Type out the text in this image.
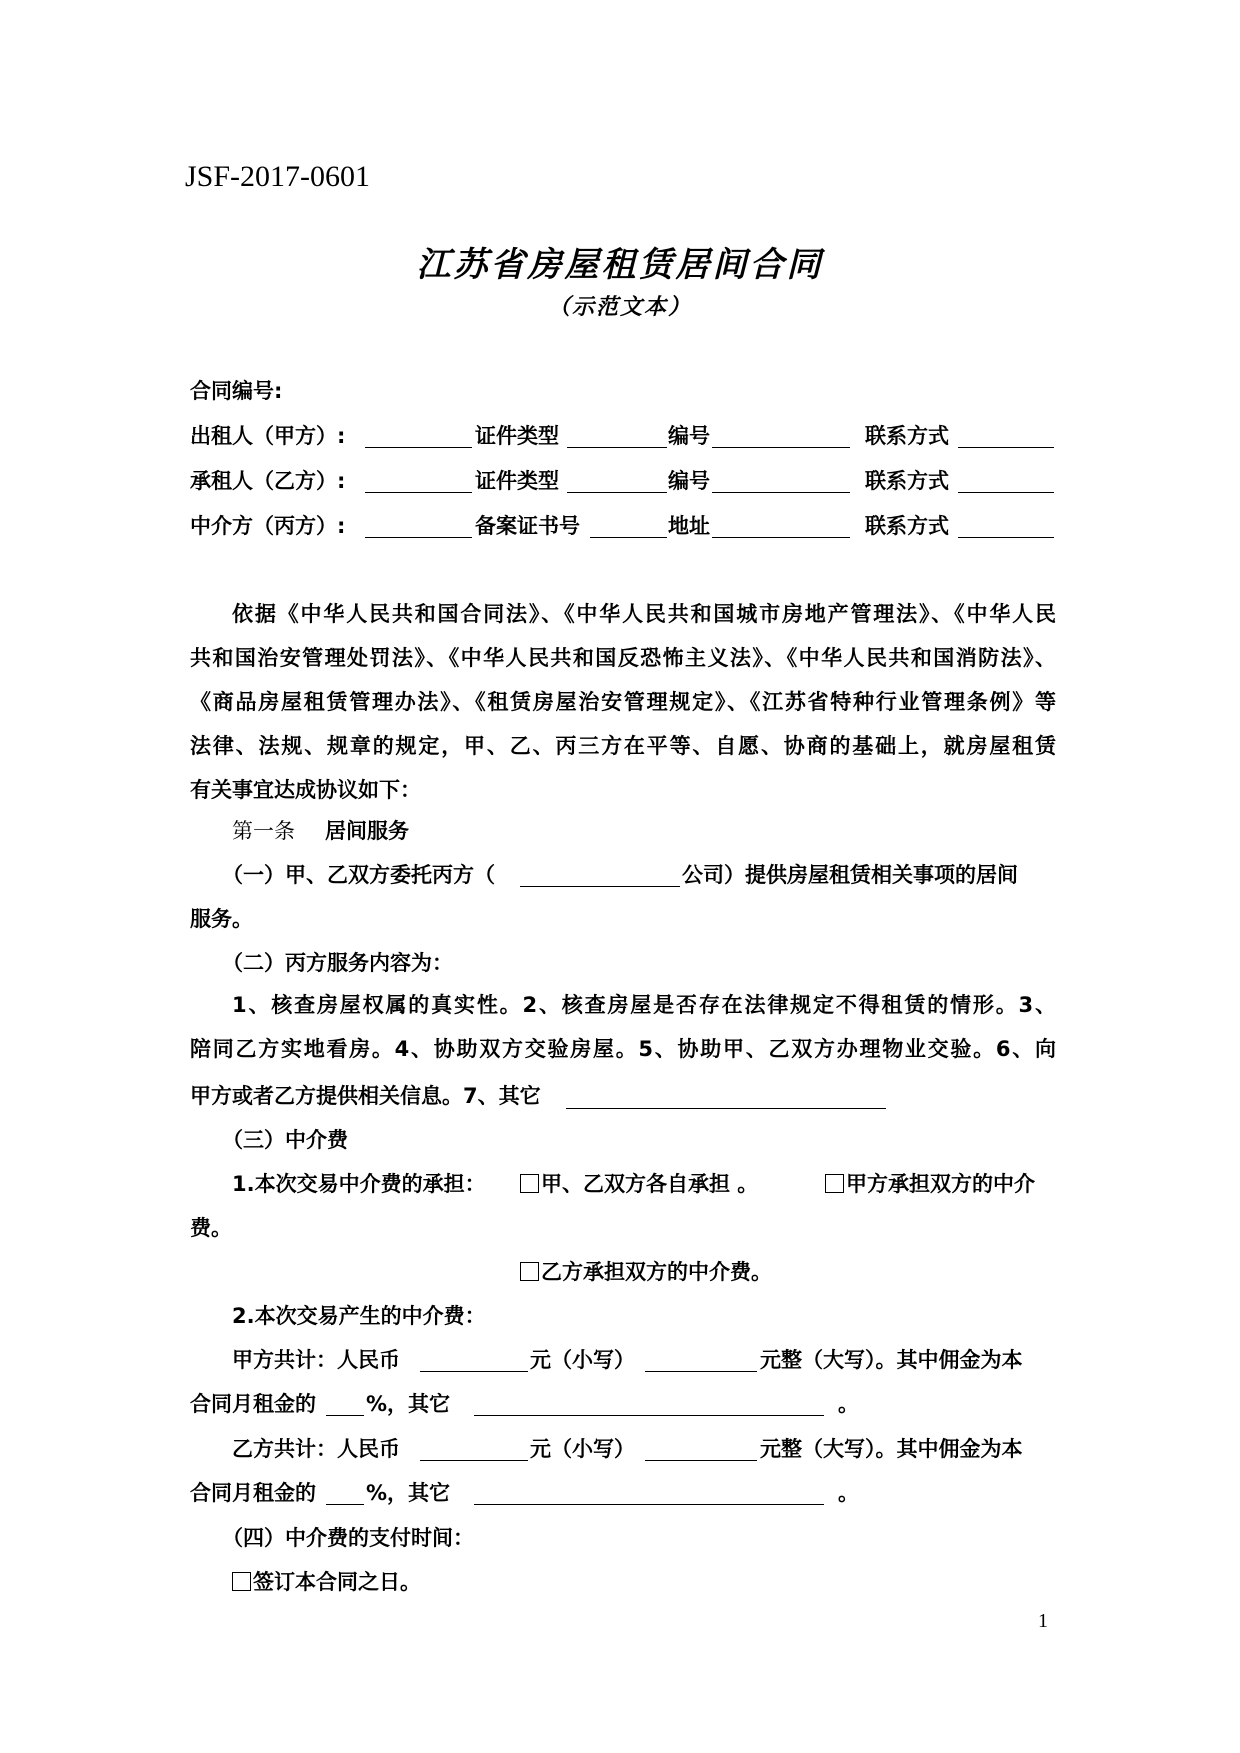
JSF-2017-0601
江苏省房屋租赁居间合同
（示范文本）
合同编号:
出租人（甲方）:	证件类型	编号	联系方式
承租人（乙方）:	证件类型	编号	联系方式
中介方（丙方）:	备案证书号	地址	联系方式
依据《中华人民共和国合同法》、《中华人民共和国城市房地产管理法》、《中华人民
共和国治安管理处罚法》、《中华人民共和国反恐怖主义法》、《中华人民共和国消防法》、
《商品房屋租赁管理办法》、《租赁房屋治安管理规定》、《江苏省特种行业管理条例》等
法律、法规、规章的规定，甲、乙、丙三方在平等、自愿、协商的基础上，就房屋租赁
有关事宜达成协议如下：
第一条 居间服务
（一）甲、乙双方委托丙方（	公司）提供房屋租赁相关事项的居间
服务。
（二）丙方服务内容为：
1、核查房屋权属的真实性。2、核查房屋是否存在法律规定不得租赁的情形。3、
陪同乙方实地看房。4、协助双方交验房屋。5、协助甲、乙双方办理物业交验。6、向
甲方或者乙方提供相关信息。7、其它
（三）中介费
1.本次交易中介费的承担：	甲、乙双方各自承担 。	甲方承担双方的中介
费。
乙方承担双方的中介费。
2.本次交易产生的中介费：
甲方共计：人民币	元（小写）	元整（大写）。其中佣金为本
合同月租金的 %，其它	。
乙方共计：人民币	元（小写）	元整（大写）。其中佣金为本
合同月租金的 %，其它	。
（四）中介费的支付时间：
签订本合同之日。
1
